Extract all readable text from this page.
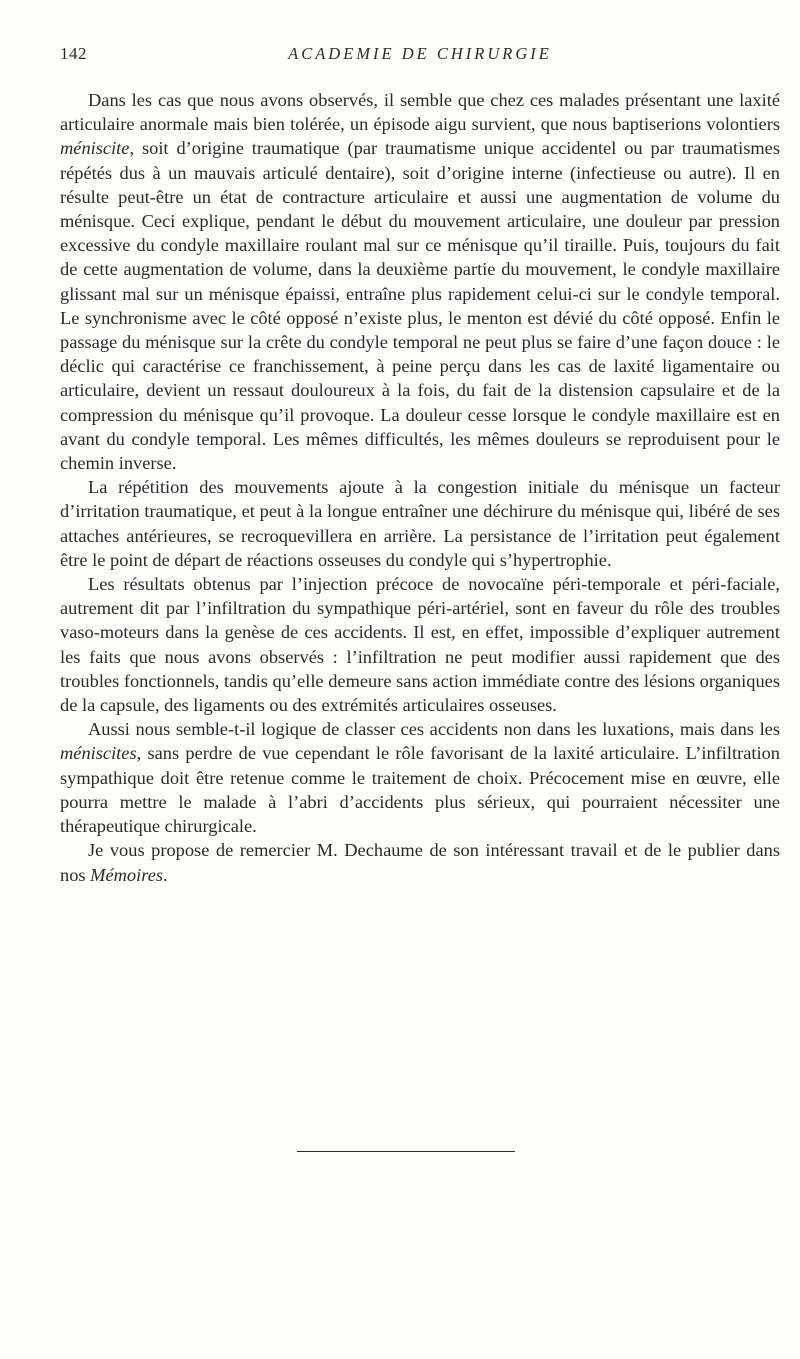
142	ACADEMIE DE CHIRURGIE

Dans les cas que nous avons observés, il semble que chez ces malades présentant une laxité articulaire anormale mais bien tolérée, un épisode aigu survient, que nous baptiserions volontiers méniscite, soit d’origine traumatique (par traumatisme unique accidentel ou par traumatismes répétés dus à un mauvais articulé dentaire), soit d’origine interne (infectieuse ou autre). Il en résulte peut-être un état de contracture articulaire et aussi une augmentation de volume du ménisque. Ceci explique, pendant le début du mouvement articulaire, une douleur par pression excessive du condyle maxillaire roulant mal sur ce ménisque qu’il tiraille. Puis, toujours du fait de cette augmentation de volume, dans la deuxième partie du mouvement, le condyle maxillaire glissant mal sur un ménisque épaissi, entraîne plus rapidement celui-ci sur le condyle temporal. Le synchronisme avec le côté opposé n’existe plus, le menton est dévié du côté opposé. Enfin le passage du ménisque sur la crête du condyle temporal ne peut plus se faire d’une façon douce : le déclic qui caractérise ce franchissement, à peine perçu dans les cas de laxité ligamentaire ou articulaire, devient un ressaut douloureux à la fois, du fait de la distension capsulaire et de la compression du ménisque qu’il provoque. La douleur cesse lorsque le condyle maxillaire est en avant du condyle temporal. Les mêmes difficultés, les mêmes douleurs se reproduisent pour le chemin inverse.

La répétition des mouvements ajoute à la congestion initiale du ménisque un facteur d’irritation traumatique, et peut à la longue entraîner une déchirure du ménisque qui, libéré de ses attaches antérieures, se recroquevillera en arrière. La persistance de l’irritation peut également être le point de départ de réactions osseuses du condyle qui s’hypertrophie.

Les résultats obtenus par l’injection précoce de novocaïne péri-temporale et péri-faciale, autrement dit par l’infiltration du sympathique péri-artériel, sont en faveur du rôle des troubles vaso-moteurs dans la genèse de ces accidents. Il est, en effet, impossible d’expliquer autrement les faits que nous avons observés : l’infiltration ne peut modifier aussi rapidement que des troubles fonctionnels, tandis qu’elle demeure sans action immédiate contre des lésions organiques de la capsule, des ligaments ou des extrémités articulaires osseuses.

Aussi nous semble-t-il logique de classer ces accidents non dans les luxations, mais dans les méniscites, sans perdre de vue cependant le rôle favorisant de la laxité articulaire. L’infiltration sympathique doit être retenue comme le traitement de choix. Précocement mise en œuvre, elle pourra mettre le malade à l’abri d’accidents plus sérieux, qui pourraient nécessiter une thérapeutique chirurgicale.

Je vous propose de remercier M. Dechaume de son intéressant travail et de le publier dans nos Mémoires.
